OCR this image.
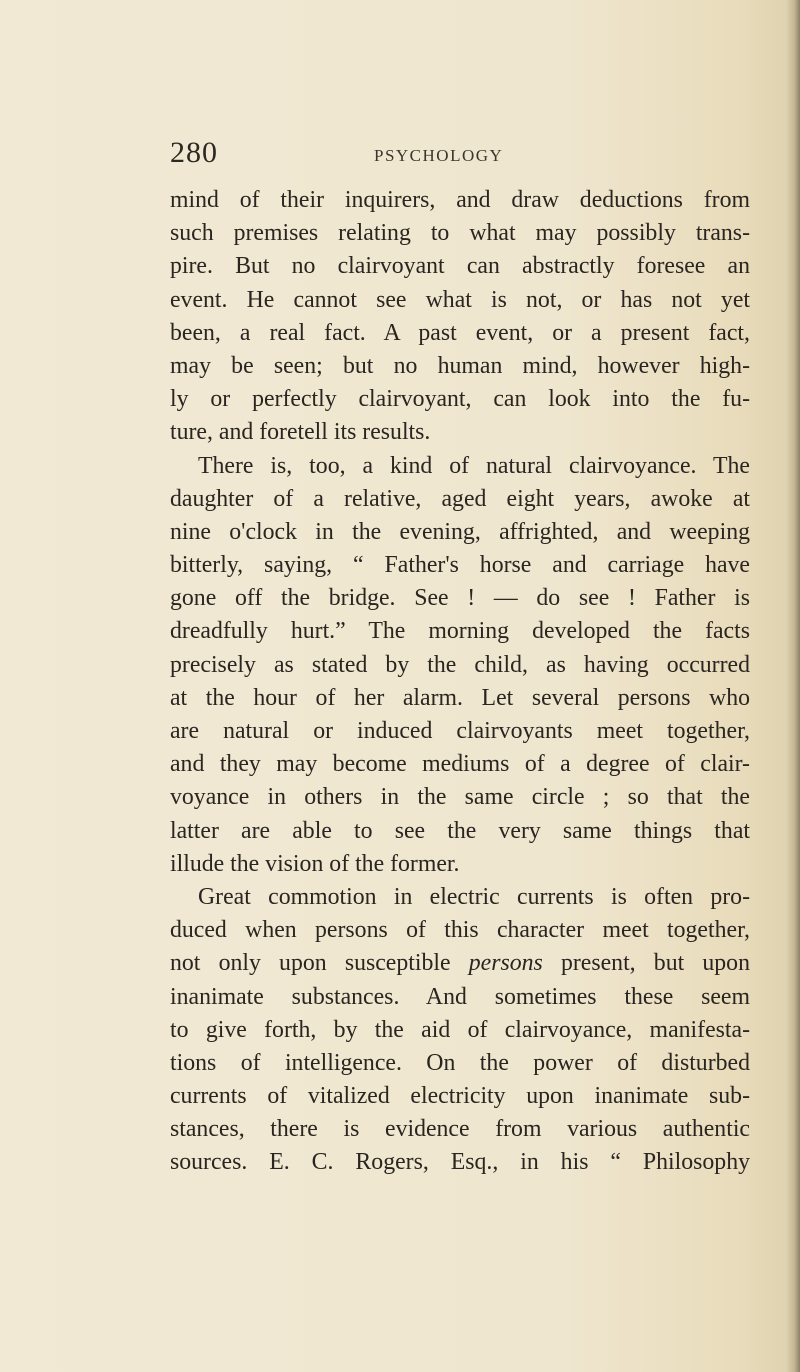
280	PSYCHOLOGY
mind of their inquirers, and draw deductions from
such premises relating to what may possibly trans-
pire. But no clairvoyant can abstractly foresee an
event. He cannot see what is not, or has not yet
been, a real fact. A past event, or a present fact,
may be seen; but no human mind, however high-
ly or perfectly clairvoyant, can look into the fu-
ture, and foretell its results.
There is, too, a kind of natural clairvoyance. The
daughter of a relative, aged eight years, awoke at
nine o'clock in the evening, affrighted, and weeping
bitterly, saying, “ Father's horse and carriage have
gone off the bridge. See ! — do see ! Father is
dreadfully hurt.” The morning developed the facts
precisely as stated by the child, as having occurred
at the hour of her alarm. Let several persons who
are natural or induced clairvoyants meet together,
and they may become mediums of a degree of clair-
voyance in others in the same circle ; so that the
latter are able to see the very same things that
illude the vision of the former.
Great commotion in electric currents is often pro-
duced when persons of this character meet together,
not only upon susceptible persons present, but upon
inanimate substances. And sometimes these seem
to give forth, by the aid of clairvoyance, manifesta-
tions of intelligence. On the power of disturbed
currents of vitalized electricity upon inanimate sub-
stances, there is evidence from various authentic
sources. E. C. Rogers, Esq., in his “ Philosophy
